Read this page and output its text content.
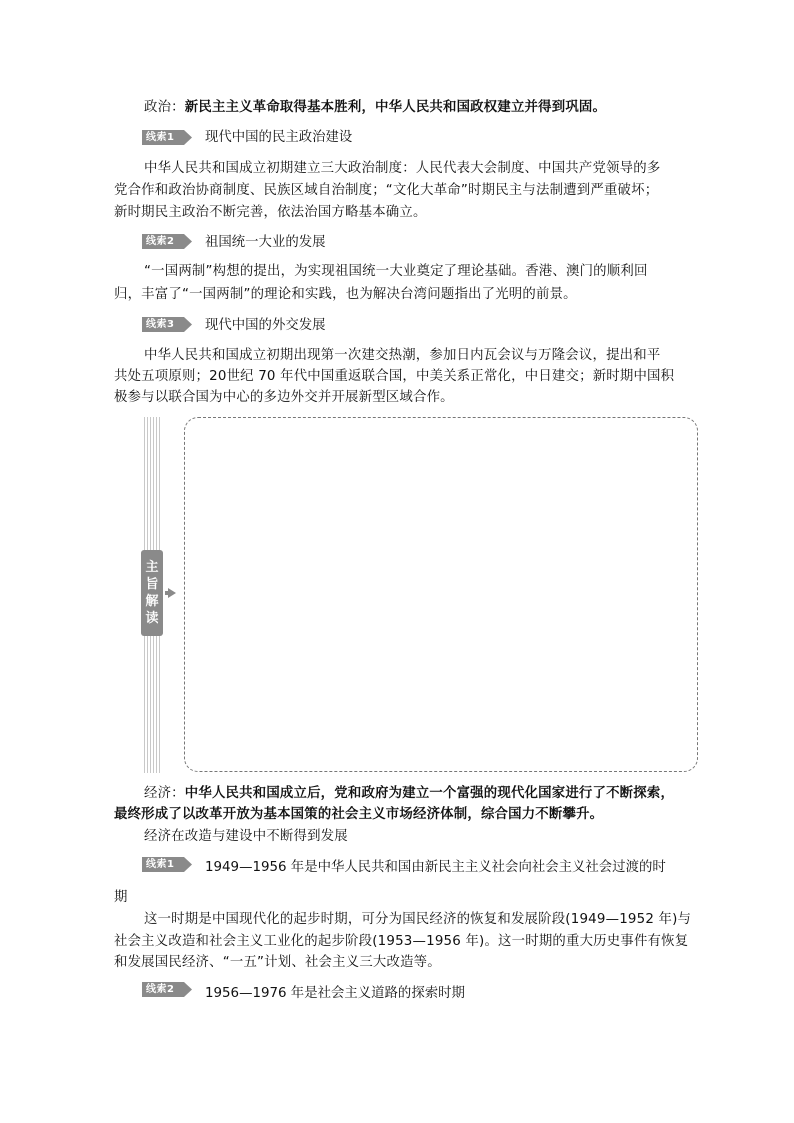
政治：新民主主义革命取得基本胜利，中华人民共和国政权建立并得到巩固。
线索1 现代中国的民主政治建设
中华人民共和国成立初期建立三大政治制度：人民代表大会制度、中国共产党领导的多
党合作和政治协商制度、民族区域自治制度；“文化大革命”时期民主与法制遭到严重破坏；
新时期民主政治不断完善，依法治国方略基本确立。
线索2 祖国统一大业的发展
“一国两制”构想的提出，为实现祖国统一大业奠定了理论基础。香港、澳门的顺利回
归，丰富了“一国两制”的理论和实践，也为解决台湾问题指出了光明的前景。
线索3 现代中国的外交发展
中华人民共和国成立初期出现第一次建交热潮，参加日内瓦会议与万隆会议，提出和平
共处五项原则；20世纪 70 年代中国重返联合国，中美关系正常化，中日建交；新时期中国积
极参与以联合国为中心的多边外交并开展新型区域合作。
主
旨
解
读
经济：中华人民共和国成立后，党和政府为建立一个富强的现代化国家进行了不断探索，
最终形成了以改革开放为基本国策的社会主义市场经济体制，综合国力不断攀升。
经济在改造与建设中不断得到发展
线索1 1949—1956 年是中华人民共和国由新民主主义社会向社会主义社会过渡的时
期
这一时期是中国现代化的起步时期，可分为国民经济的恢复和发展阶段(1949—1952 年)与
社会主义改造和社会主义工业化的起步阶段(1953—1956 年)。这一时期的重大历史事件有恢复
和发展国民经济、“一五”计划、社会主义三大改造等。
线索2 1956—1976 年是社会主义道路的探索时期
